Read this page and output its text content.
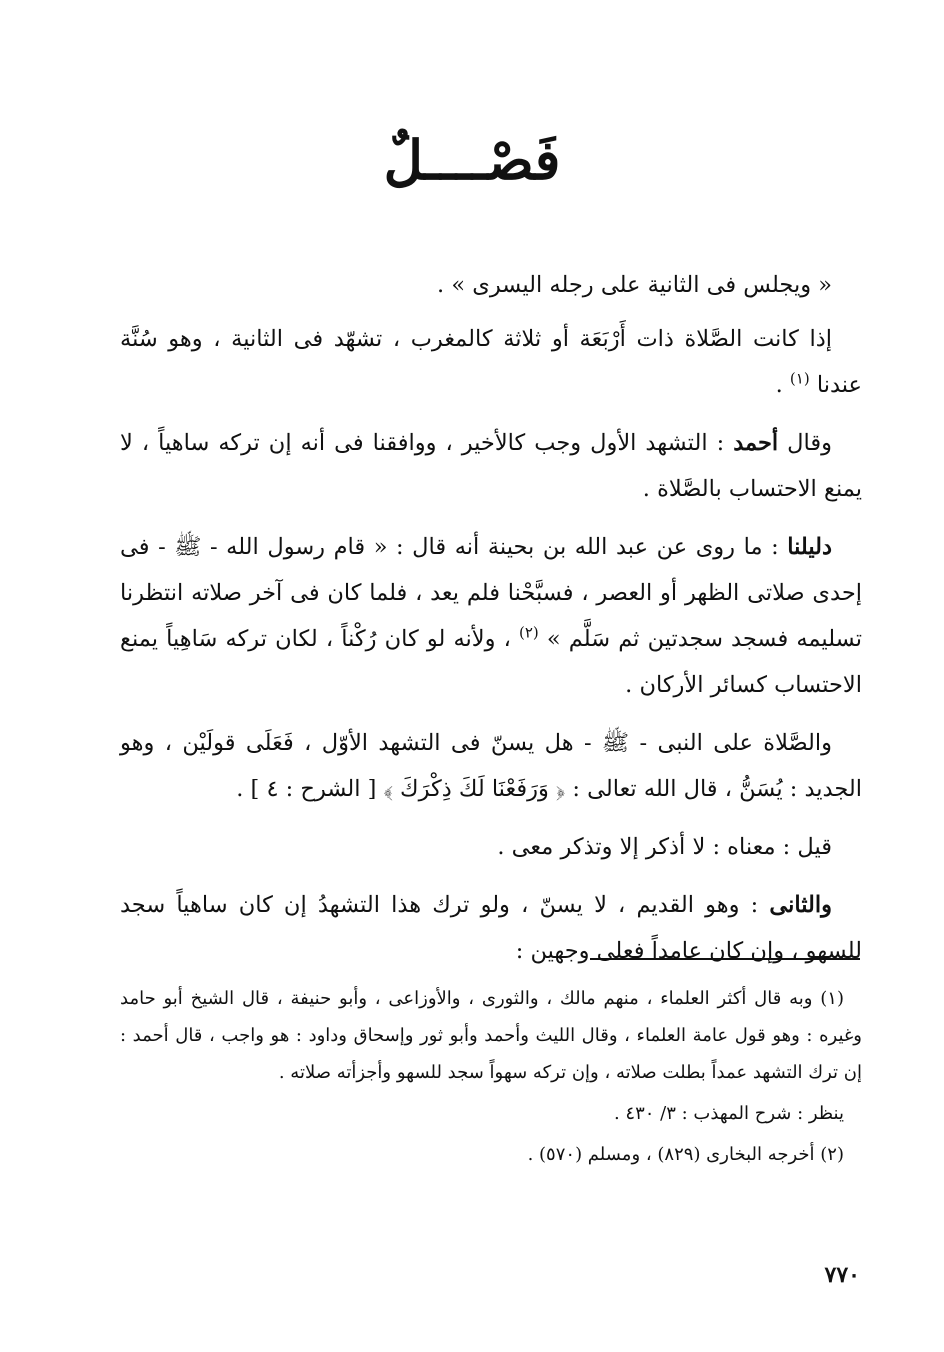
فَصْــــلٌ

« ويجلس فى الثانية على رجله اليسرى » .

إذا كانت الصَّلاة ذات أَرْبَعَة أو ثلاثة كالمغرب ، تشهّد فى الثانية ، وهو سُنَّة عندنا $^{(١)}$ .

وقال أحمد : التشهد الأول وجب كالأخير ، ووافقنا فى أنه إن تركه ساهياً ، لا يمنع الاحتساب بالصَّلاة .

دليلنا : ما روى عن عبد الله بن بحينة أنه قال : « قام رسول الله - ﷺ - فى إحدى صلاتى الظهر أو العصر ، فسبَّحْنا فلم يعد ، فلما كان فى آخر صلاته انتظرنا تسليمه فسجد سجدتين ثم سَلَّم » $^{(٢)}$ ، ولأنه لو كان رُكْناً ، لكان تركه سَاهِياً يمنع الاحتساب كسائر الأركان .

والصَّلاة على النبى - ﷺ - هل يسنّ فى التشهد الأوّل ، فَعَلَى قولَيْن ، وهو الجديد : يُسَنُّ ، قال الله تعالى : ﴿ وَرَفَعْنَا لَكَ ذِكْرَكَ ﴾ [ الشرح : ٤ ] .

قيل : معناه : لا أذكر إلا وتذكر معى .

والثانى : وهو القديم ، لا يسنّ ، ولو ترك هذا التشهدُ إن كان ساهياً سجد للسهو ، وإن كان عامداً فعلى وجهين :

(١) وبه قال أكثر العلماء ، منهم مالك ، والثورى ، والأوزاعى ، وأبو حنيفة ، قال الشيخ أبو حامد وغيره : وهو قول عامة العلماء ، وقال الليث وأحمد وأبو ثور وإسحاق وداود : هو واجب ، قال أحمد : إن ترك التشهد عمداً بطلت صلاته ، وإن تركه سهواً سجد للسهو وأجزأته صلاته .

ينظر : شرح المهذب : ٣/ ٤٣٠ .

(٢) أخرجه البخارى (٨٢٩) ، ومسلم (٥٧٠) .

٧٧٠
